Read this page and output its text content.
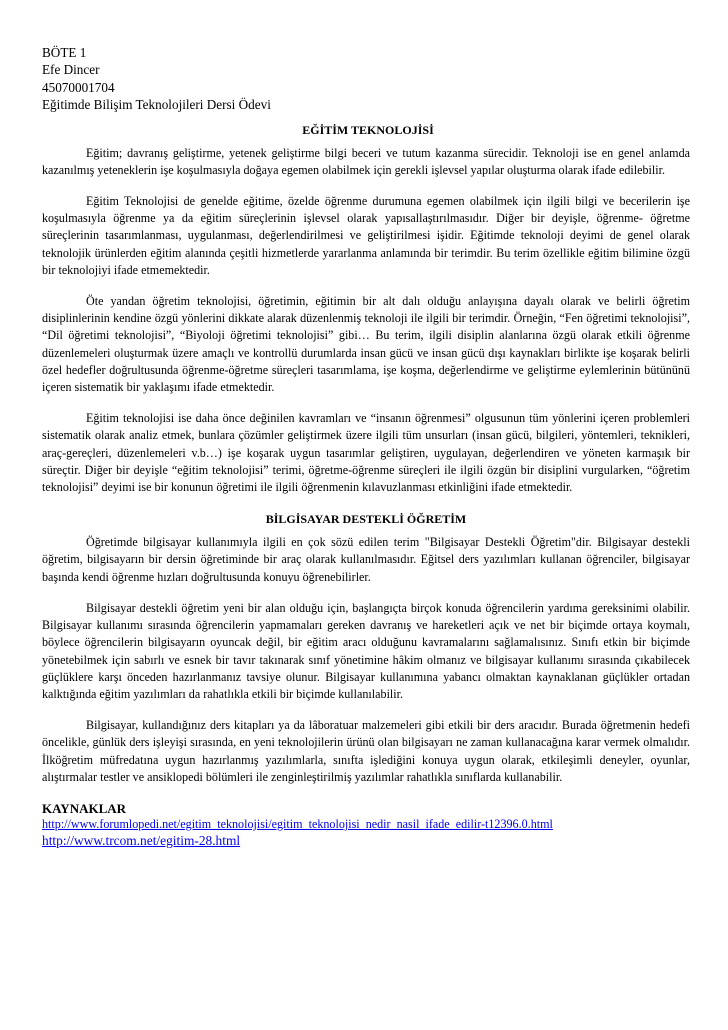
BÖTE 1
Efe Dincer
45070001704
Eğitimde Bilişim Teknolojileri Dersi Ödevi
EĞİTİM TEKNOLOJİSİ

Eğitim; davranış geliştirme, yetenek geliştirme bilgi beceri ve tutum kazanma sürecidir. Teknoloji ise en genel anlamda kazanılmış yeteneklerin işe koşulmasıyla doğaya egemen olabilmek için gerekli işlevsel yapılar oluşturma olarak ifade edilebilir.

Eğitim Teknolojisi de genelde eğitime, özelde öğrenme durumuna egemen olabilmek için ilgili bilgi ve becerilerin işe koşulmasıyla öğrenme ya da eğitim süreçlerinin işlevsel olarak yapısallaştırılmasıdır. Diğer bir deyişle, öğrenme- öğretme süreçlerinin tasarımlanması, uygulanması, değerlendirilmesi ve geliştirilmesi işidir. Eğitimde teknoloji deyimi de genel olarak teknolojik ürünlerden eğitim alanında çeşitli hizmetlerde yararlanma anlamında bir terimdir. Bu terim özellikle eğitim bilimine özgü bir teknolojiyi ifade etmemektedir.

Öte yandan öğretim teknolojisi, öğretimin, eğitimin bir alt dalı olduğu anlayışına dayalı olarak ve belirli öğretim disiplinlerinin kendine özgü yönlerini dikkate alarak düzenlenmiş teknoloji ile ilgili bir terimdir. Örneğin, “Fen öğretimi teknolojisi”, “Dil öğretimi teknolojisi”, “Biyoloji öğretimi teknolojisi” gibi… Bu terim, ilgili disiplin alanlarına özgü olarak etkili öğrenme düzenlemeleri oluşturmak üzere amaçlı ve kontrollü durumlarda insan gücü ve insan gücü dışı kaynakları birlikte işe koşarak belirli özel hedefler doğrultusunda öğrenme-öğretme süreçleri tasarımlama, işe koşma, değerlendirme ve geliştirme eylemlerinin bütününü içeren sistematik bir yaklaşımı ifade etmektedir.

Eğitim teknolojisi ise daha önce değinilen kavramları ve “insanın öğrenmesi” olgusunun tüm yönlerini içeren problemleri sistematik olarak analiz etmek, bunlara çözümler geliştirmek üzere ilgili tüm unsurları (insan gücü, bilgileri, yöntemleri, teknikleri, araç-gereçleri, düzenlemeleri v.b…) işe koşarak uygun tasarımlar geliştiren, uygulayan, değerlendiren ve yöneten karmaşık bir süreçtir. Diğer bir deyişle “eğitim teknolojisi” terimi, öğretme-öğrenme süreçleri ile ilgili özgün bir disiplini vurgularken, “öğretim teknolojisi” deyimi ise bir konunun öğretimi ile ilgili öğrenmenin kılavuzlanması etkinliğini ifade etmektedir.

BİLGİSAYAR DESTEKLİ ÖĞRETİM

Öğretimde bilgisayar kullanımıyla ilgili en çok sözü edilen terim "Bilgisayar Destekli Öğretim"dir. Bilgisayar destekli öğretim, bilgisayarın bir dersin öğretiminde bir araç olarak kullanılmasıdır. Eğitsel ders yazılımları kullanan öğrenciler, bilgisayar başında kendi öğrenme hızları doğrultusunda konuyu öğrenebilirler.

Bilgisayar destekli öğretim yeni bir alan olduğu için, başlangıçta birçok konuda öğrencilerin yardıma gereksinimi olabilir. Bilgisayar kullanımı sırasında öğrencilerin yapmamaları gereken davranış ve hareketleri açık ve net bir biçimde ortaya koymalı, böylece öğrencilerin bilgisayarın oyuncak değil, bir eğitim aracı olduğunu kavramalarını sağlamalısınız. Sınıfı etkin bir biçimde yönetebilmek için sabırlı ve esnek bir tavır takınarak sınıf yönetimine hâkim olmanız ve bilgisayar kullanımı sırasında çıkabilecek güçlüklere karşı önceden hazırlanmanız tavsiye olunur. Bilgisayar kullanımına yabancı olmaktan kaynaklanan güçlükler ortadan kalktığında eğitim yazılımları da rahatlıkla etkili bir biçimde kullanılabilir.

Bilgisayar, kullandığınız ders kitapları ya da lâboratuar malzemeleri gibi etkili bir ders aracıdır. Burada öğretmenin hedefi öncelikle, günlük ders işleyişi sırasında, en yeni teknolojilerin ürünü olan bilgisayarı ne zaman kullanacağına karar vermek olmalıdır. İlköğretim müfredatına uygun hazırlanmış yazılımlarla, sınıfta işlediğini konuya uygun olarak, etkileşimli deneyler, oyunlar, alıştırmalar testler ve ansiklopedi bölümleri ile zenginleştirilmiş yazılımlar rahatlıkla sınıflarda kullanabilir.

KAYNAKLAR
http://www.forumlopedi.net/egitim_teknolojisi/egitim_teknolojisi_nedir_nasil_ifade_edilir-t12396.0.html
http://www.trcom.net/egitim-28.html
